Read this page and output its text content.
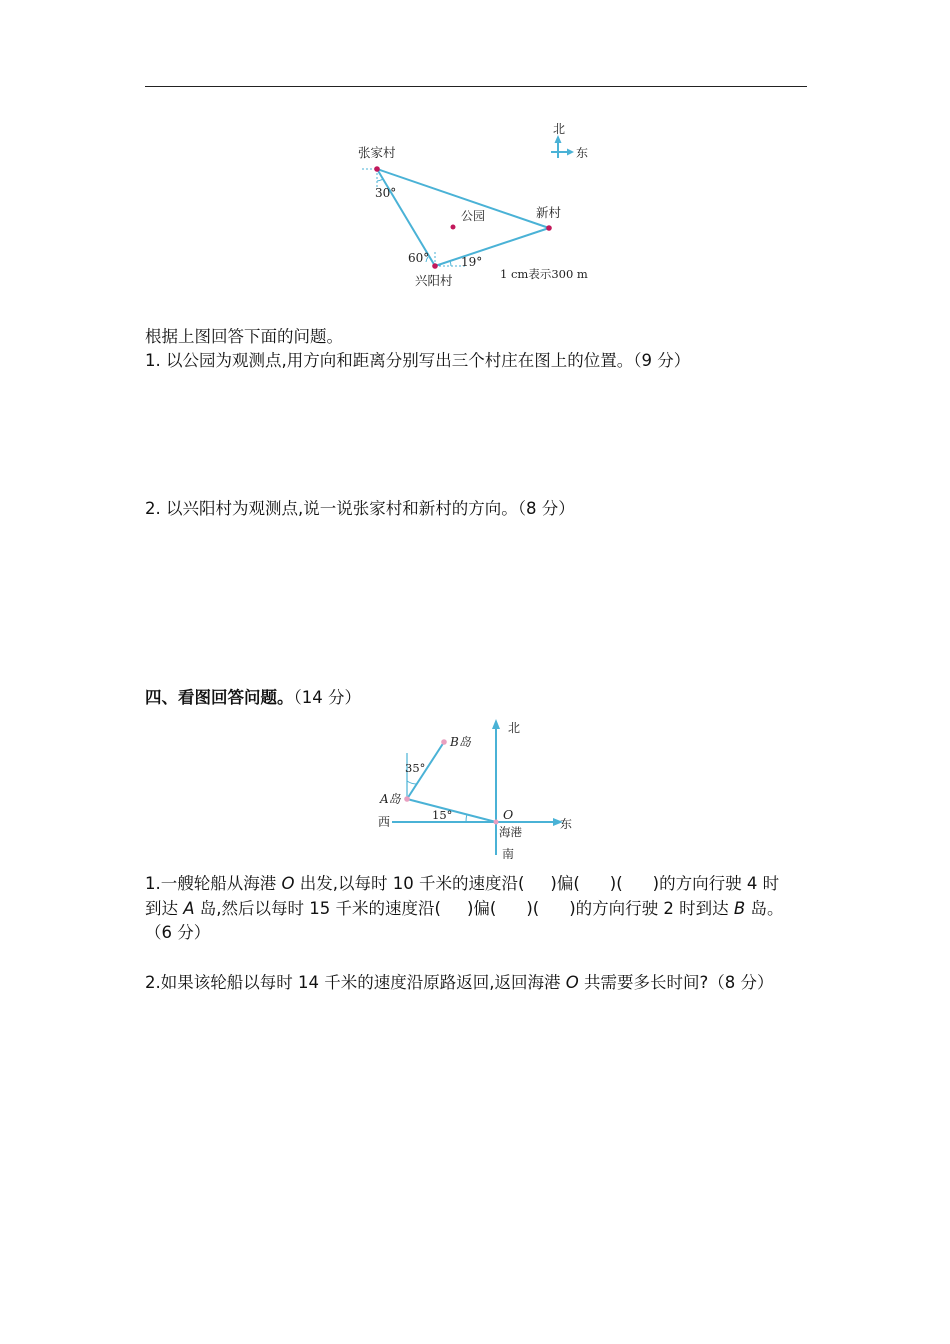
北
东
张家村
兴阳村
新村
公园
30°
60°	19°
1 cm表示300 m
根据上图回答下面的问题。
1. 以公园为观测点,用方向和距离分别写出三个村庄在图上的位置。（9 分）
2. 以兴阳村为观测点,说一说张家村和新村的方向。（8 分）
四、看图回答问题。（14 分）
北
东
西
南
O
海港
A岛
B岛
35°
15°
1.一艘轮船从海港 O 出发,以每时 10 千米的速度沿( )偏( )( )的方向行驶 4 时到达 A 岛,然后以每时 15 千米的速度沿( )偏( )( )的方向行驶 2 时到达 B 岛。（6 分）
2.如果该轮船以每时 14 千米的速度沿原路返回,返回海港 O 共需要多长时间?（8 分）
